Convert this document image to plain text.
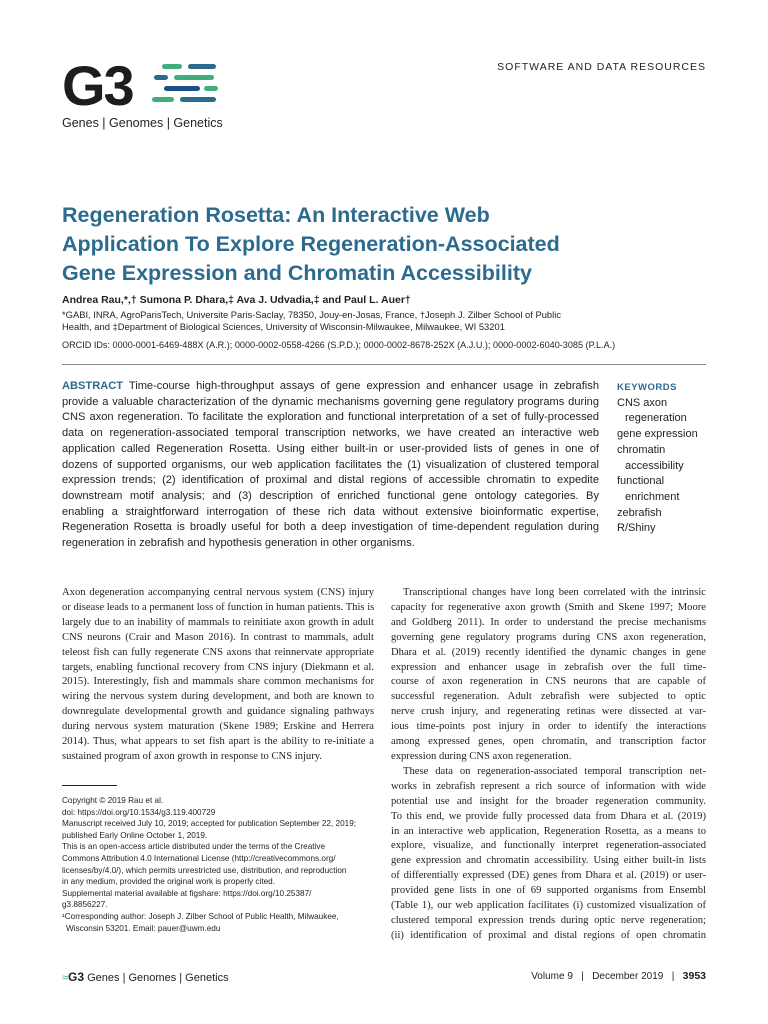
G3
Genes | Genomes | Genetics
SOFTWARE AND DATA RESOURCES
Regeneration Rosetta: An Interactive Web
Application To Explore Regeneration-Associated
Gene Expression and Chromatin Accessibility
Andrea Rau,*,† Sumona P. Dhara,‡ Ava J. Udvadia,‡ and Paul L. Auer†
*GABI, INRA, AgroParisTech, Universite Paris-Saclay, 78350, Jouy-en-Josas, France, †Joseph J. Zilber School of Public
Health, and ‡Department of Biological Sciences, University of Wisconsin-Milwaukee, Milwaukee, WI 53201
ORCID IDs: 0000-0001-6469-488X (A.R.); 0000-0002-0558-4266 (S.P.D.); 0000-0002-8678-252X (A.J.U.); 0000-0002-6040-3085 (P.L.A.)
ABSTRACT Time-course high-throughput assays of gene expression and enhancer usage in zebrafish
provide a valuable characterization of the dynamic mechanisms governing gene regulatory programs during
CNS axon regeneration. To facilitate the exploration and functional interpretation of a set of fully-processed
data on regeneration-associated temporal transcription networks, we have created an interactive web
application called Regeneration Rosetta. Using either built-in or user-provided lists of genes in one of
dozens of supported organisms, our web application facilitates the (1) visualization of clustered temporal
expression trends; (2) identification of proximal and distal regions of accessible chromatin to expedite
downstream motif analysis; and (3) description of enriched functional gene ontology categories. By
enabling a straightforward interrogation of these rich data without extensive bioinformatic expertise,
Regeneration Rosetta is broadly useful for both a deep investigation of time-dependent regulation during
regeneration in zebrafish and hypothesis generation in other organisms.
KEYWORDS
CNS axon
regeneration
gene expression
chromatin
accessibility
functional
enrichment
zebrafish
R/Shiny
Axon degeneration accompanying central nervous system (CNS) injury
or disease leads to a permanent loss of function in human patients. This is
largely due to an inability of mammals to reinitiate axon growth in adult
CNS neurons (Crair and Mason 2016). In contrast to mammals, adult
teleost fish can fully regenerate CNS axons that reinnervate appropriate
targets, enabling functional recovery from CNS injury (Diekmann et al.
2015). Interestingly, fish and mammals share common mechanisms for
wiring the nervous system during development, and both are known to
downregulate developmental growth and guidance signaling pathways
during nervous system maturation (Skene 1989; Erskine and Herrera
2014). Thus, what appears to set fish apart is the ability to re-initiate a
sustained program of axon growth in response to CNS injury.
Copyright © 2019 Rau et al.
doi: https://doi.org/10.1534/g3.119.400729
Manuscript received July 10, 2019; accepted for publication September 22, 2019;
published Early Online October 1, 2019.
This is an open-access article distributed under the terms of the Creative
Commons Attribution 4.0 International License (http://creativecommons.org/
licenses/by/4.0/), which permits unrestricted use, distribution, and reproduction
in any medium, provided the original work is properly cited.
Supplemental material available at figshare: https://doi.org/10.25387/
g3.8856227.
¹Corresponding author: Joseph J. Zilber School of Public Health, Milwaukee,
Wisconsin 53201. Email: pauer@uwm.edu
Transcriptional changes have long been correlated with the intrinsic
capacity for regenerative axon growth (Smith and Skene 1997; Moore
and Goldberg 2011). In order to understand the precise mechanisms
governing gene regulatory programs during CNS axon regeneration,
Dhara et al. (2019) recently identified the dynamic changes in gene
expression and enhancer usage in zebrafish over the full time-
course of axon regeneration in CNS neurons that are capable of
successful regeneration. Adult zebrafish were subjected to optic
nerve crush injury, and regenerating retinas were dissected at var-
ious time-points post injury in order to identify the interactions
among expressed genes, open chromatin, and transcription factor
expression during CNS axon regeneration.
These data on regeneration-associated temporal transcription net-
works in zebrafish represent a rich source of information with wide
potential use and insight for the broader regeneration community.
To this end, we provide fully processed data from Dhara et al. (2019)
in an interactive web application, Regeneration Rosetta, as a means to
explore, visualize, and functionally interpret regeneration-associated
gene expression and chromatin accessibility. Using either built-in lists
of differentially expressed (DE) genes from Dhara et al. (2019) or user-
provided gene lists in one of 69 supported organisms from Ensembl
(Table 1), our web application facilitates (i) customized visualization of
clustered temporal expression trends during optic nerve regeneration;
(ii) identification of proximal and distal regions of open chromatin
≈G3 Genes | Genomes | Genetics	Volume 9 | December 2019 | 3953
